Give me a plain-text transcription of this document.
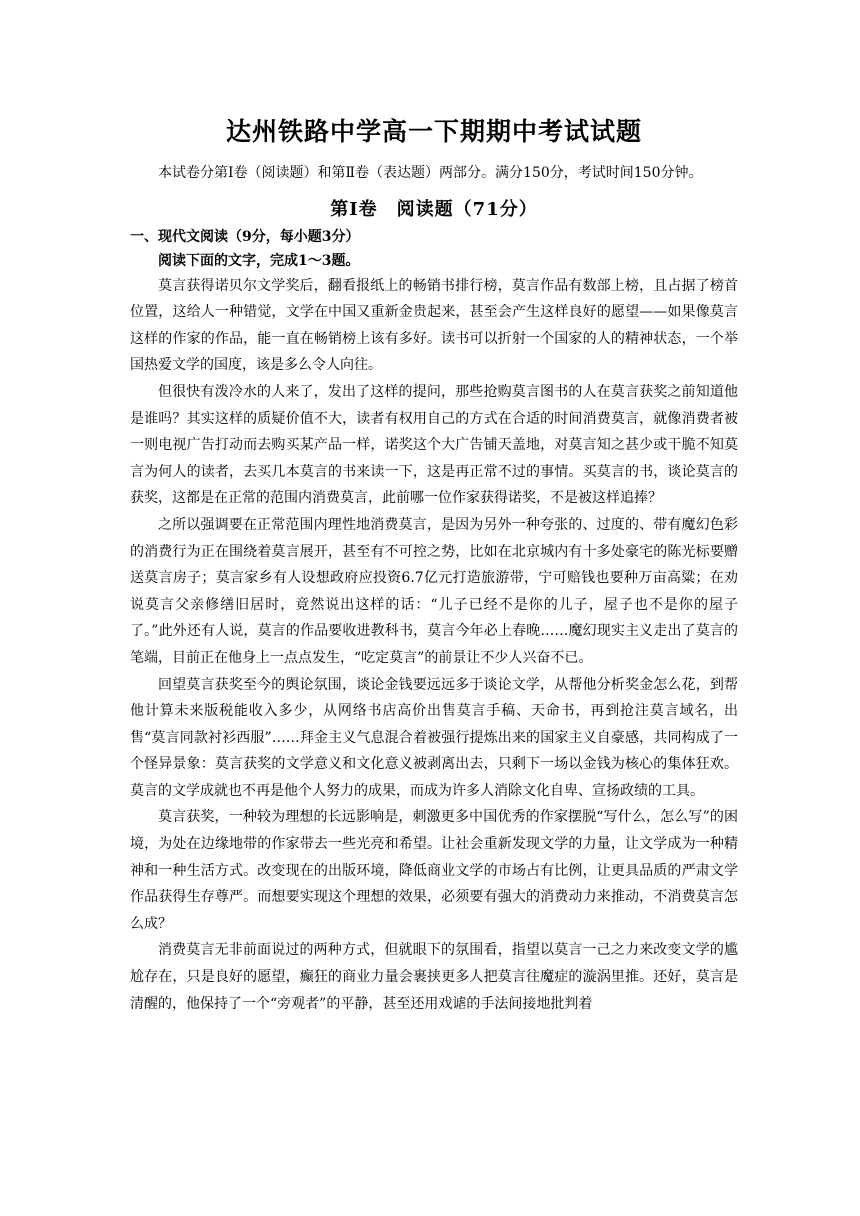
达州铁路中学高一下期期中考试试题

本试卷分第Ⅰ卷（阅读题）和第Ⅱ卷（表达题）两部分。满分150分，考试时间150分钟。

第Ⅰ卷　阅读题（71分）

一、现代文阅读（9分，每小题3分）

阅读下面的文字，完成1～3题。

莫言获得诺贝尔文学奖后，翻看报纸上的畅销书排行榜，莫言作品有数部上榜，且占据了榜首位置，这给人一种错觉，文学在中国又重新金贵起来，甚至会产生这样良好的愿望——如果像莫言这样的作家的作品，能一直在畅销榜上该有多好。读书可以折射一个国家的人的精神状态，一个举国热爱文学的国度，该是多么令人向往。

但很快有泼冷水的人来了，发出了这样的提问，那些抢购莫言图书的人在莫言获奖之前知道他是谁吗？其实这样的质疑价值不大，读者有权用自己的方式在合适的时间消费莫言，就像消费者被一则电视广告打动而去购买某产品一样，诺奖这个大广告铺天盖地，对莫言知之甚少或干脆不知莫言为何人的读者，去买几本莫言的书来读一下，这是再正常不过的事情。买莫言的书，谈论莫言的获奖，这都是在正常的范围内消费莫言，此前哪一位作家获得诺奖，不是被这样追捧？

之所以强调要在正常范围内理性地消费莫言，是因为另外一种夸张的、过度的、带有魔幻色彩的消费行为正在围绕着莫言展开，甚至有不可控之势，比如在北京城内有十多处豪宅的陈光标要赠送莫言房子；莫言家乡有人设想政府应投资6.7亿元打造旅游带，宁可赔钱也要种万亩高粱；在劝说莫言父亲修缮旧居时，竟然说出这样的话：“儿子已经不是你的儿子，屋子也不是你的屋子了。”此外还有人说，莫言的作品要收进教科书，莫言今年必上春晚……魔幻现实主义走出了莫言的笔端，目前正在他身上一点点发生，“吃定莫言”的前景让不少人兴奋不已。

回望莫言获奖至今的舆论氛围，谈论金钱要远远多于谈论文学，从帮他分析奖金怎么花，到帮他计算未来版税能收入多少，从网络书店高价出售莫言手稿、天命书，再到抢注莫言域名，出售“莫言同款衬衫西服”……拜金主义气息混合着被强行提炼出来的国家主义自豪感，共同构成了一个怪异景象：莫言获奖的文学意义和文化意义被剥离出去，只剩下一场以金钱为核心的集体狂欢。莫言的文学成就也不再是他个人努力的成果，而成为许多人消除文化自卑、宣扬政绩的工具。

莫言获奖，一种较为理想的长远影响是，刺激更多中国优秀的作家摆脱“写什么，怎么写”的困境，为处在边缘地带的作家带去一些光亮和希望。让社会重新发现文学的力量，让文学成为一种精神和一种生活方式。改变现在的出版环境，降低商业文学的市场占有比例，让更具品质的严肃文学作品获得生存尊严。而想要实现这个理想的效果，必须要有强大的消费动力来推动，不消费莫言怎么成？

消费莫言无非前面说过的两种方式，但就眼下的氛围看，指望以莫言一己之力来改变文学的尴尬存在，只是良好的愿望，癫狂的商业力量会裹挟更多人把莫言往魔症的漩涡里推。还好，莫言是清醒的，他保持了一个“旁观者”的平静，甚至还用戏谑的手法间接地批判着
